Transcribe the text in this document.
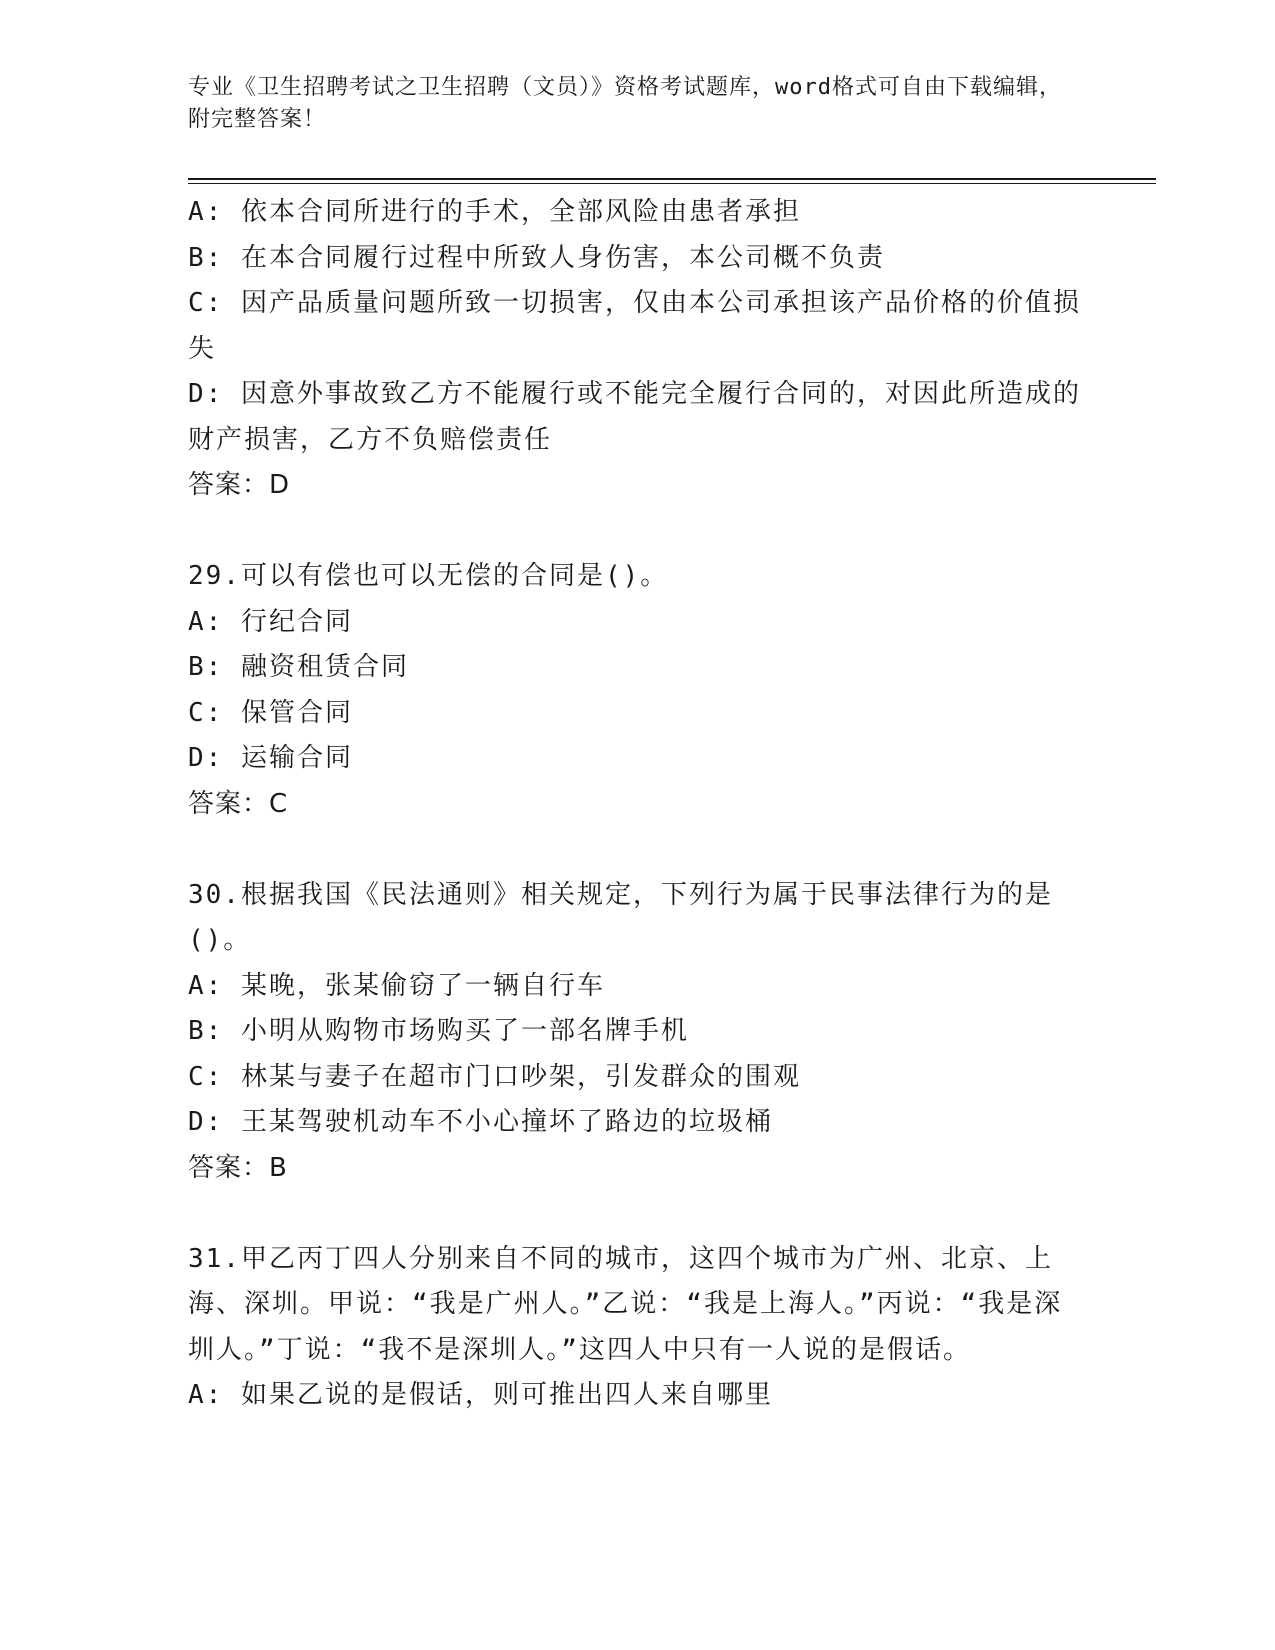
专业《卫生招聘考试之卫生招聘（文员）》资格考试题库，word格式可自由下载编辑，附完整答案！
A: 依本合同所进行的手术，全部风险由患者承担
B: 在本合同履行过程中所致人身伤害，本公司概不负责
C: 因产品质量问题所致一切损害，仅由本公司承担该产品价格的价值损失
D: 因意外事故致乙方不能履行或不能完全履行合同的，对因此所造成的财产损害，乙方不负赔偿责任
答案：D
29.可以有偿也可以无偿的合同是()。
A: 行纪合同
B: 融资租赁合同
C: 保管合同
D: 运输合同
答案：C
30.根据我国《民法通则》相关规定，下列行为属于民事法律行为的是()。
A: 某晚，张某偷窃了一辆自行车
B: 小明从购物市场购买了一部名牌手机
C: 林某与妻子在超市门口吵架，引发群众的围观
D: 王某驾驶机动车不小心撞坏了路边的垃圾桶
答案：B
31.甲乙丙丁四人分别来自不同的城市，这四个城市为广州、北京、上海、深圳。甲说：“我是广州人。”乙说：“我是上海人。”丙说：“我是深圳人。”丁说：“我不是深圳人。”这四人中只有一人说的是假话。
A: 如果乙说的是假话，则可推出四人来自哪里
